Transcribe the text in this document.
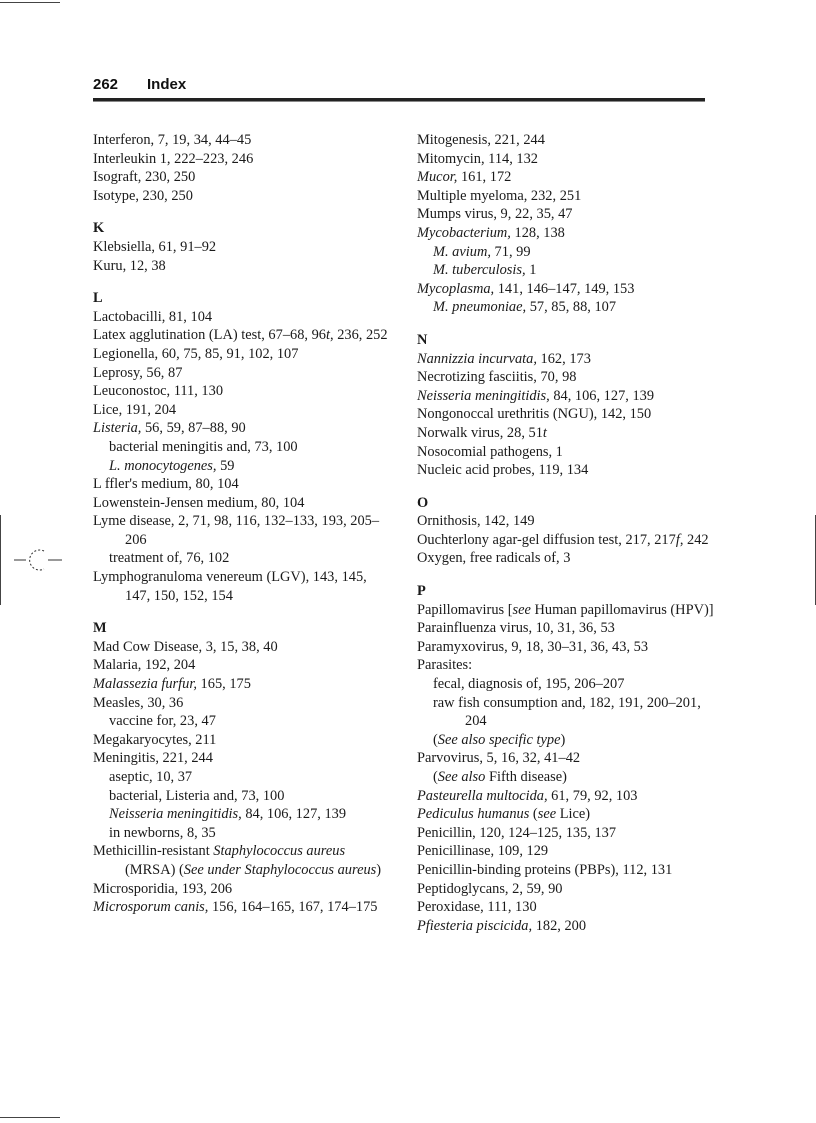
262 Index

Interferon, 7, 19, 34, 44–45

Interleukin 1, 222–223, 246

Isograft, 230, 250

Isotype, 230, 250

K

Klebsiella, 61, 91–92

Kuru, 12, 38

L

Lactobacilli, 81, 104

Latex agglutination (LA) test, 67–68, 96t, 236, 252

Legionella, 60, 75, 85, 91, 102, 107

Leprosy, 56, 87

Leuconostoc, 111, 130

Lice, 191, 204

Listeria, 56, 59, 87–88, 90

bacterial meningitis and, 73, 100

L. monocytogenes, 59

L ffler's medium, 80, 104

Lowenstein-Jensen medium, 80, 104

Lyme disease, 2, 71, 98, 116, 132–133, 193, 205–206

treatment of, 76, 102

Lymphogranuloma venereum (LGV), 143, 145, 147, 150, 152, 154

M

Mad Cow Disease, 3, 15, 38, 40

Malaria, 192, 204

Malassezia furfur, 165, 175

Measles, 30, 36

vaccine for, 23, 47

Megakaryocytes, 211

Meningitis, 221, 244

aseptic, 10, 37

bacterial, Listeria and, 73, 100

Neisseria meningitidis, 84, 106, 127, 139

in newborns, 8, 35

Methicillin-resistant Staphylococcus aureus (MRSA) (See under Staphylococcus aureus)

Microsporidia, 193, 206

Microsporum canis, 156, 164–165, 167, 174–175

Mitogenesis, 221, 244

Mitomycin, 114, 132

Mucor, 161, 172

Multiple myeloma, 232, 251

Mumps virus, 9, 22, 35, 47

Mycobacterium, 128, 138

M. avium, 71, 99

M. tuberculosis, 1

Mycoplasma, 141, 146–147, 149, 153

M. pneumoniae, 57, 85, 88, 107

N

Nannizzia incurvata, 162, 173

Necrotizing fasciitis, 70, 98

Neisseria meningitidis, 84, 106, 127, 139

Nongonoccal urethritis (NGU), 142, 150

Norwalk virus, 28, 51t

Nosocomial pathogens, 1

Nucleic acid probes, 119, 134

O

Ornithosis, 142, 149

Ouchterlony agar-gel diffusion test, 217, 217f, 242

Oxygen, free radicals of, 3

P

Papillomavirus [see Human papillomavirus (HPV)]

Parainfluenza virus, 10, 31, 36, 53

Paramyxovirus, 9, 18, 30–31, 36, 43, 53

Parasites:

fecal, diagnosis of, 195, 206–207

raw fish consumption and, 182, 191, 200–201, 204

(See also specific type)

Parvovirus, 5, 16, 32, 41–42

(See also Fifth disease)

Pasteurella multocida, 61, 79, 92, 103

Pediculus humanus (see Lice)

Penicillin, 120, 124–125, 135, 137

Penicillinase, 109, 129

Penicillin-binding proteins (PBPs), 112, 131

Peptidoglycans, 2, 59, 90

Peroxidase, 111, 130

Pfiesteria piscicida, 182, 200
